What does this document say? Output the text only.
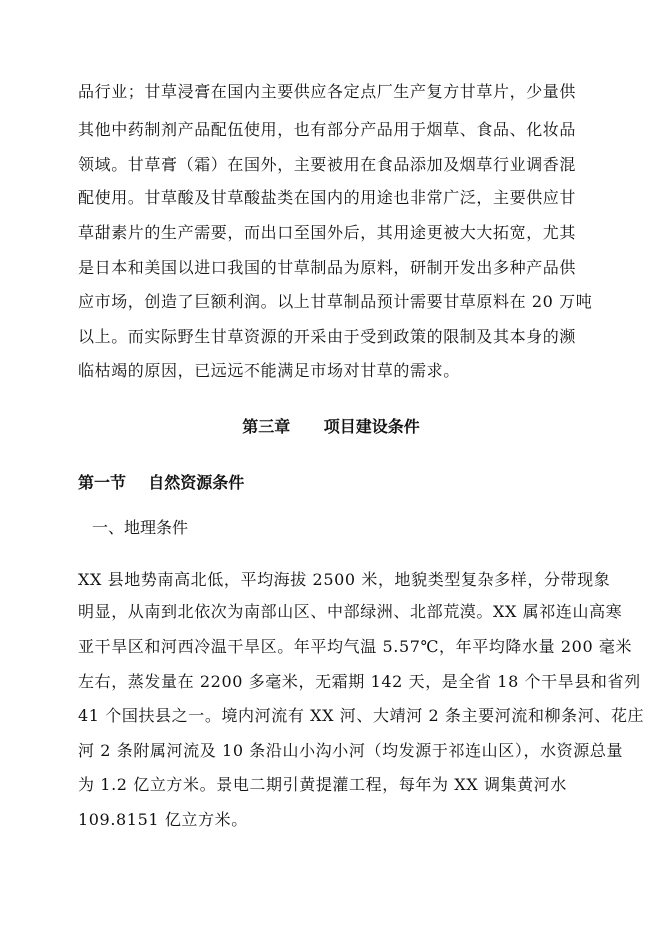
品行业；甘草浸膏在国内主要供应各定点厂生产复方甘草片，少量供
其他中药制剂产品配伍使用，也有部分产品用于烟草、食品、化妆品
领域。甘草膏（霜）在国外，主要被用在食品添加及烟草行业调香混
配使用。甘草酸及甘草酸盐类在国内的用途也非常广泛，主要供应甘
草甜素片的生产需要，而出口至国外后，其用途更被大大拓宽，尤其
是日本和美国以进口我国的甘草制品为原料，研制开发出多种产品供
应市场，创造了巨额利润。以上甘草制品预计需要甘草原料在 20 万吨
以上。而实际野生甘草资源的开采由于受到政策的限制及其本身的濒
临枯竭的原因，已远远不能满足市场对甘草的需求。
第三章      项目建设条件
第一节    自然资源条件
一、地理条件
XX 县地势南高北低，平均海拔 2500 米，地貌类型复杂多样，分带现象
明显，从南到北依次为南部山区、中部绿洲、北部荒漠。XX 属祁连山高寒
亚干旱区和河西冷温干旱区。年平均气温 5.57℃，年平均降水量 200 毫米
左右，蒸发量在 2200 多毫米，无霜期 142 天，是全省 18 个干旱县和省列
41 个国扶县之一。境内河流有 XX 河、大靖河 2 条主要河流和柳条河、花庄
河 2 条附属河流及 10 条沿山小沟小河（均发源于祁连山区），水资源总量
为 1.2 亿立方米。景电二期引黄提灌工程，每年为 XX 调集黄河水
109.8151 亿立方米。
